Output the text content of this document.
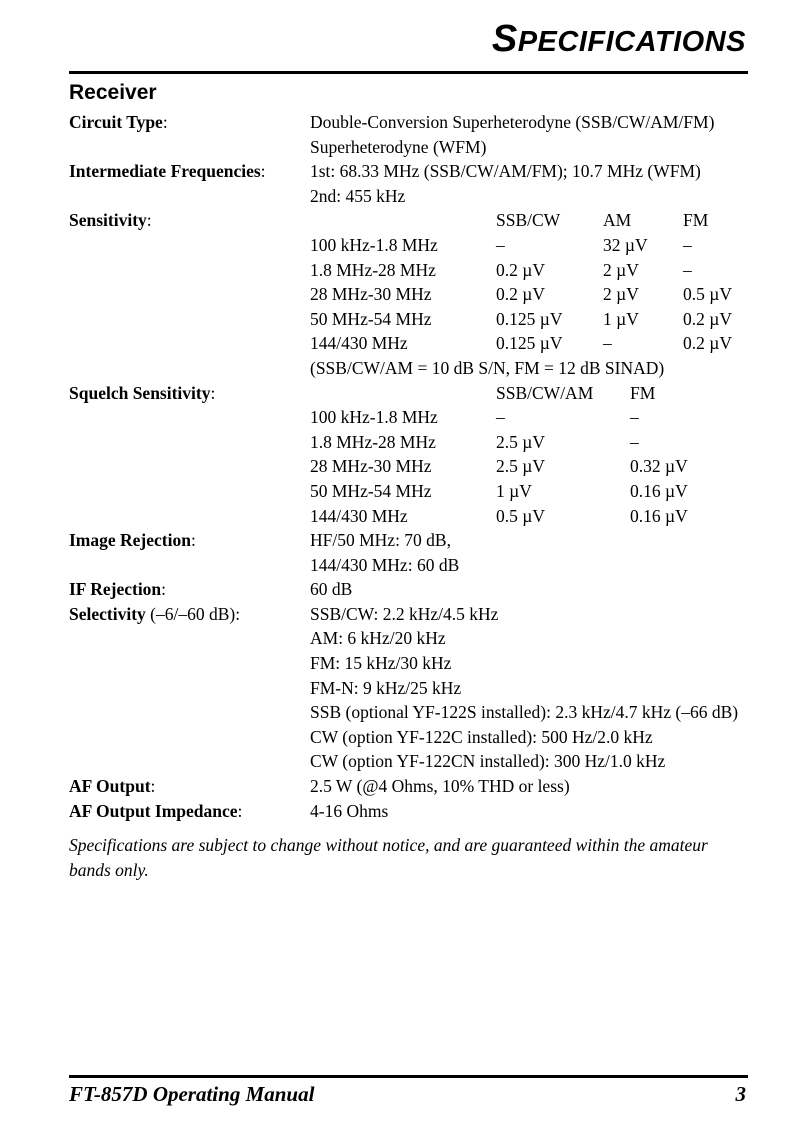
SPECIFICATIONS
Receiver
Circuit Type:	Double-Conversion Superheterodyne (SSB/CW/AM/FM)
Superheterodyne (WFM)
Intermediate Frequencies:	1st: 68.33 MHz (SSB/CW/AM/FM); 10.7 MHz (WFM)
2nd: 455 kHz
Sensitivity:	SSB/CW AM	FM
100 kHz-1.8 MHz	–	32 µV –
1.8 MHz-28 MHz	0.2 µV	2 µV	–
28 MHz-30 MHz	0.2 µV	2 µV	0.5 µV
50 MHz-54 MHz	0.125 µV 1 µV	0.2 µV
144/430 MHz	0.125 µV –	0.2 µV
(SSB/CW/AM = 10 dB S/N, FM = 12 dB SINAD)
Squelch Sensitivity:	SSB/CW/AM FM
100 kHz-1.8 MHz	–	–
1.8 MHz-28 MHz	2.5 µV	–
28 MHz-30 MHz	2.5 µV	0.32 µV
50 MHz-54 MHz	1 µV	0.16 µV
144/430 MHz	0.5 µV	0.16 µV
Image Rejection:	HF/50 MHz: 70 dB,
144/430 MHz: 60 dB
IF Rejection:	60 dB
Selectivity (–6/–60 dB):	SSB/CW: 2.2 kHz/4.5 kHz
AM: 6 kHz/20 kHz
FM: 15 kHz/30 kHz
FM-N: 9 kHz/25 kHz
SSB (optional YF-122S installed): 2.3 kHz/4.7 kHz (–66 dB)
CW (option YF-122C installed): 500 Hz/2.0 kHz
CW (option YF-122CN installed): 300 Hz/1.0 kHz
AF Output:	2.5 W (@4 Ohms, 10% THD or less)
AF Output Impedance:	4-16 Ohms
Specifications are subject to change without notice, and are guaranteed within the amateur bands only.
FT-857D Operating Manual	3
